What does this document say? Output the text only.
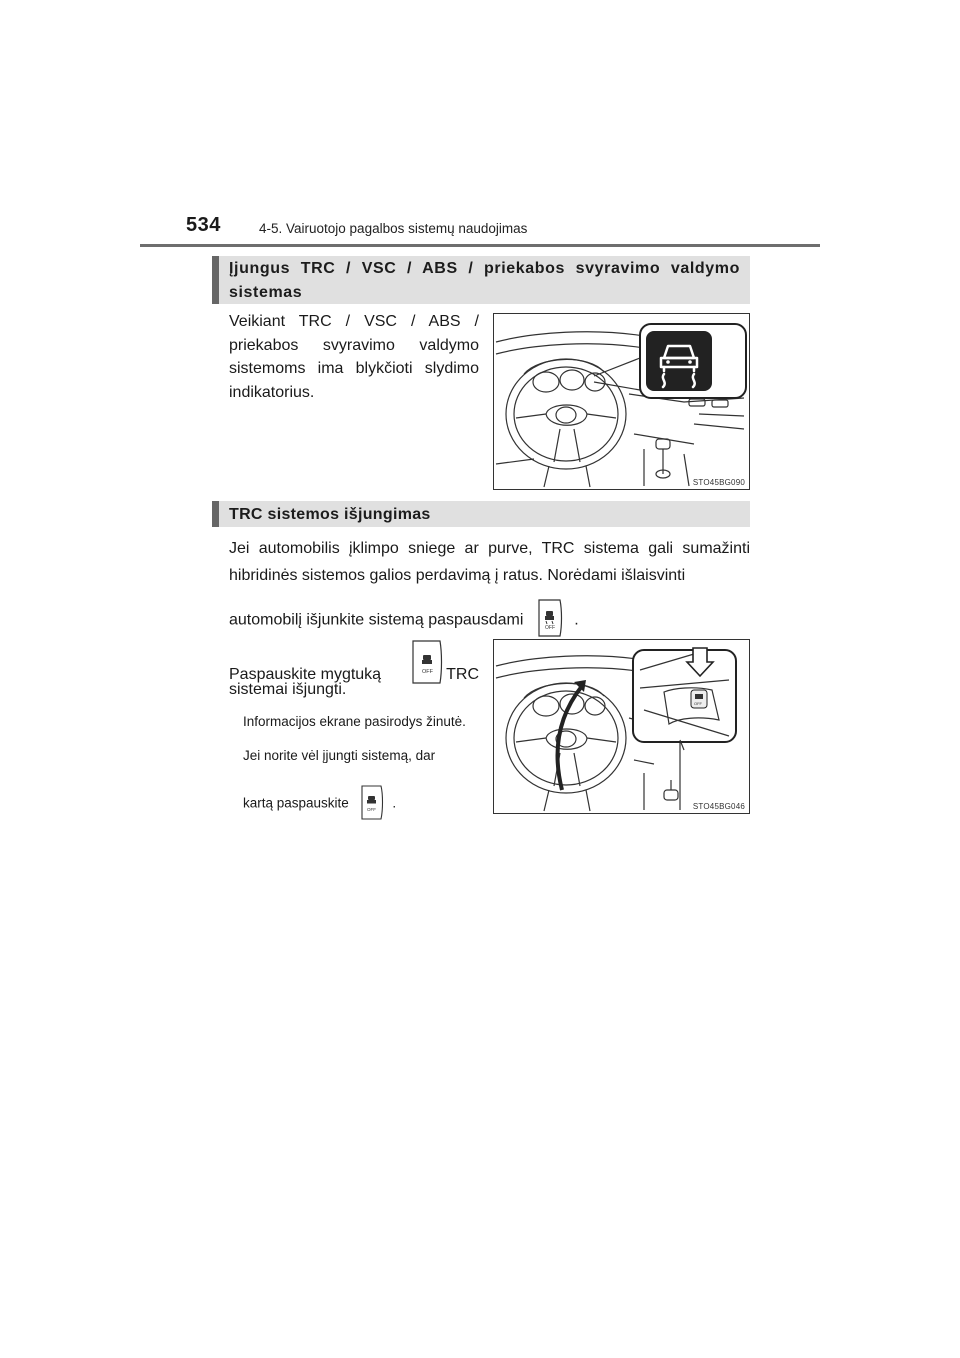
534	4-5. Vairuotojo pagalbos sistemų naudojimas
Įjungus TRC / VSC / ABS / priekabos svyravimo valdymo sistemas
Veikiant TRC / VSC / ABS / priekabos svyravimo valdymo sistemoms ima blykčioti slydimo indikatorius.
STO45BG090
TRC sistemos išjungimas
Jei automobilis įklimpo sniege ar purve, TRC sistema gali sumažinti hibridinės sistemos galios perdavimą į ratus. Norėdami išlaisvinti
automobilį išjunkite sistemą paspausdami	OFF .
Paspauskite mygtuką	OFF TRC
sistemai išjungti.
Informacijos ekrane pasirodys žinutė.
Jei norite vėl įjungti sistemą, dar
kartą paspauskite	OFF .
OFF
STO45BG046
